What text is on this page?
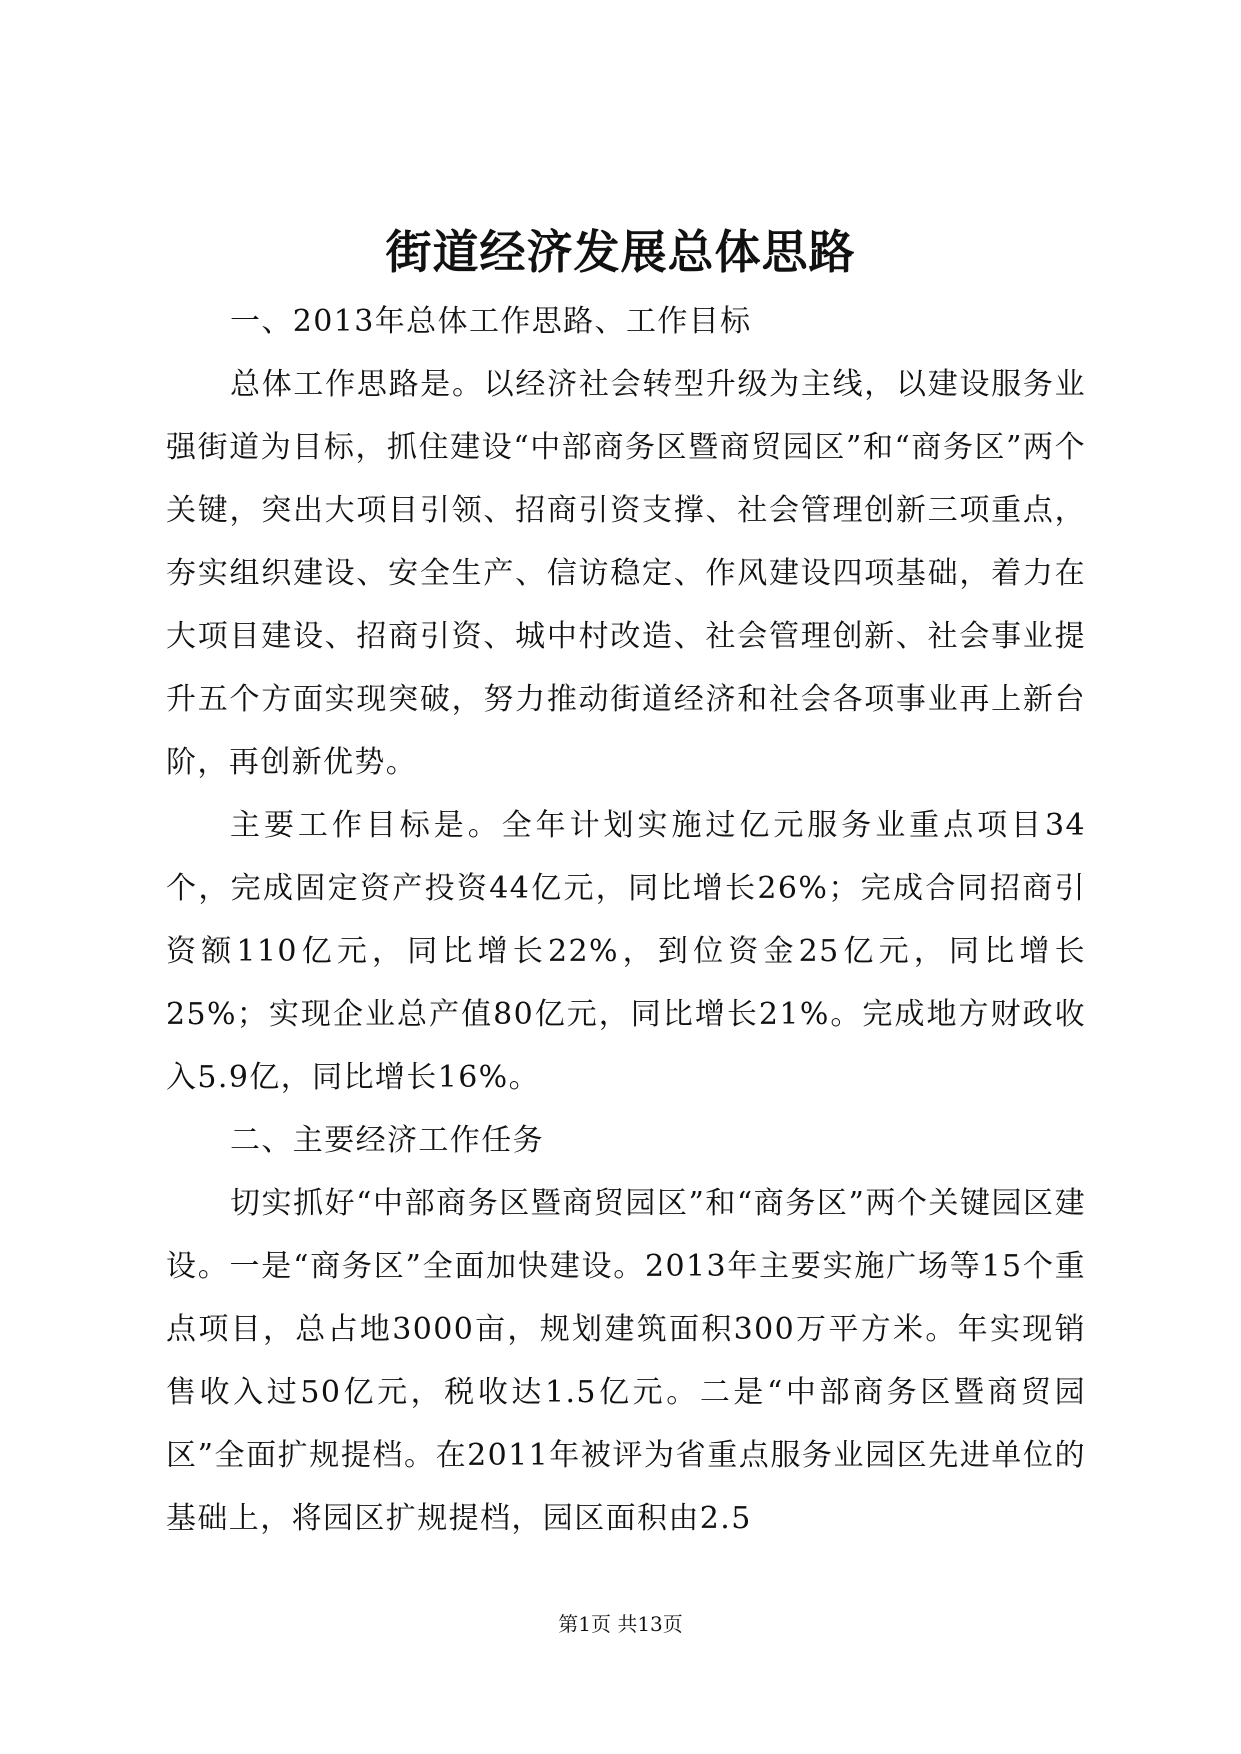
街道经济发展总体思路

一、2013年总体工作思路、工作目标

总体工作思路是。以经济社会转型升级为主线，以建设服务业强街道为目标，抓住建设“中部商务区暨商贸园区”和“商务区”两个关键，突出大项目引领、招商引资支撑、社会管理创新三项重点，夯实组织建设、安全生产、信访稳定、作风建设四项基础，着力在大项目建设、招商引资、城中村改造、社会管理创新、社会事业提升五个方面实现突破，努力推动街道经济和社会各项事业再上新台阶，再创新优势。

主要工作目标是。全年计划实施过亿元服务业重点项目34个，完成固定资产投资44亿元，同比增长26%；完成合同招商引资额110亿元，同比增长22%，到位资金25亿元，同比增长25%；实现企业总产值80亿元，同比增长21%。完成地方财政收入5.9亿，同比增长16%。

二、主要经济工作任务

切实抓好“中部商务区暨商贸园区”和“商务区”两个关键园区建设。一是“商务区”全面加快建设。2013年主要实施广场等15个重点项目，总占地3000亩，规划建筑面积300万平方米。年实现销售收入过50亿元，税收达1.5亿元。二是“中部商务区暨商贸园区”全面扩规提档。在2011年被评为省重点服务业园区先进单位的基础上，将园区扩规提档，园区面积由2.5

第1页 共13页
